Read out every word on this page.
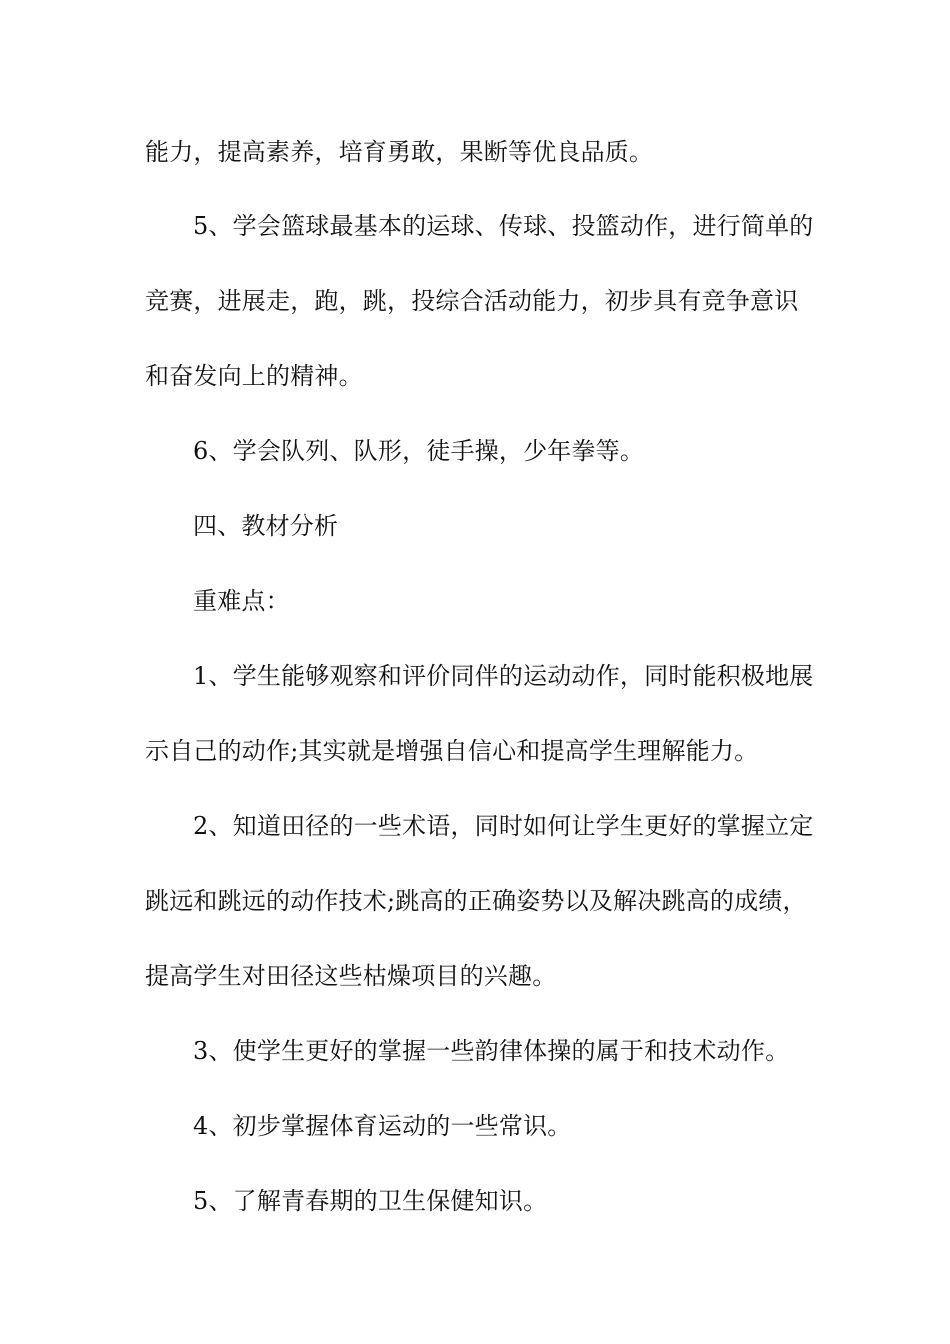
能力，提高素养，培育勇敢，果断等优良品质。
5、学会篮球最基本的运球、传球、投篮动作，进行简单的
竞赛，进展走，跑，跳，投综合活动能力，初步具有竞争意识
和奋发向上的精神。
6、学会队列、队形，徒手操，少年拳等。
四、教材分析
重难点：
1、学生能够观察和评价同伴的运动动作，同时能积极地展
示自己的动作;其实就是增强自信心和提高学生理解能力。
2、知道田径的一些术语，同时如何让学生更好的掌握立定
跳远和跳远的动作技术;跳高的正确姿势以及解决跳高的成绩，
提高学生对田径这些枯燥项目的兴趣。
3、使学生更好的掌握一些韵律体操的属于和技术动作。
4、初步掌握体育运动的一些常识。
5、了解青春期的卫生保健知识。
